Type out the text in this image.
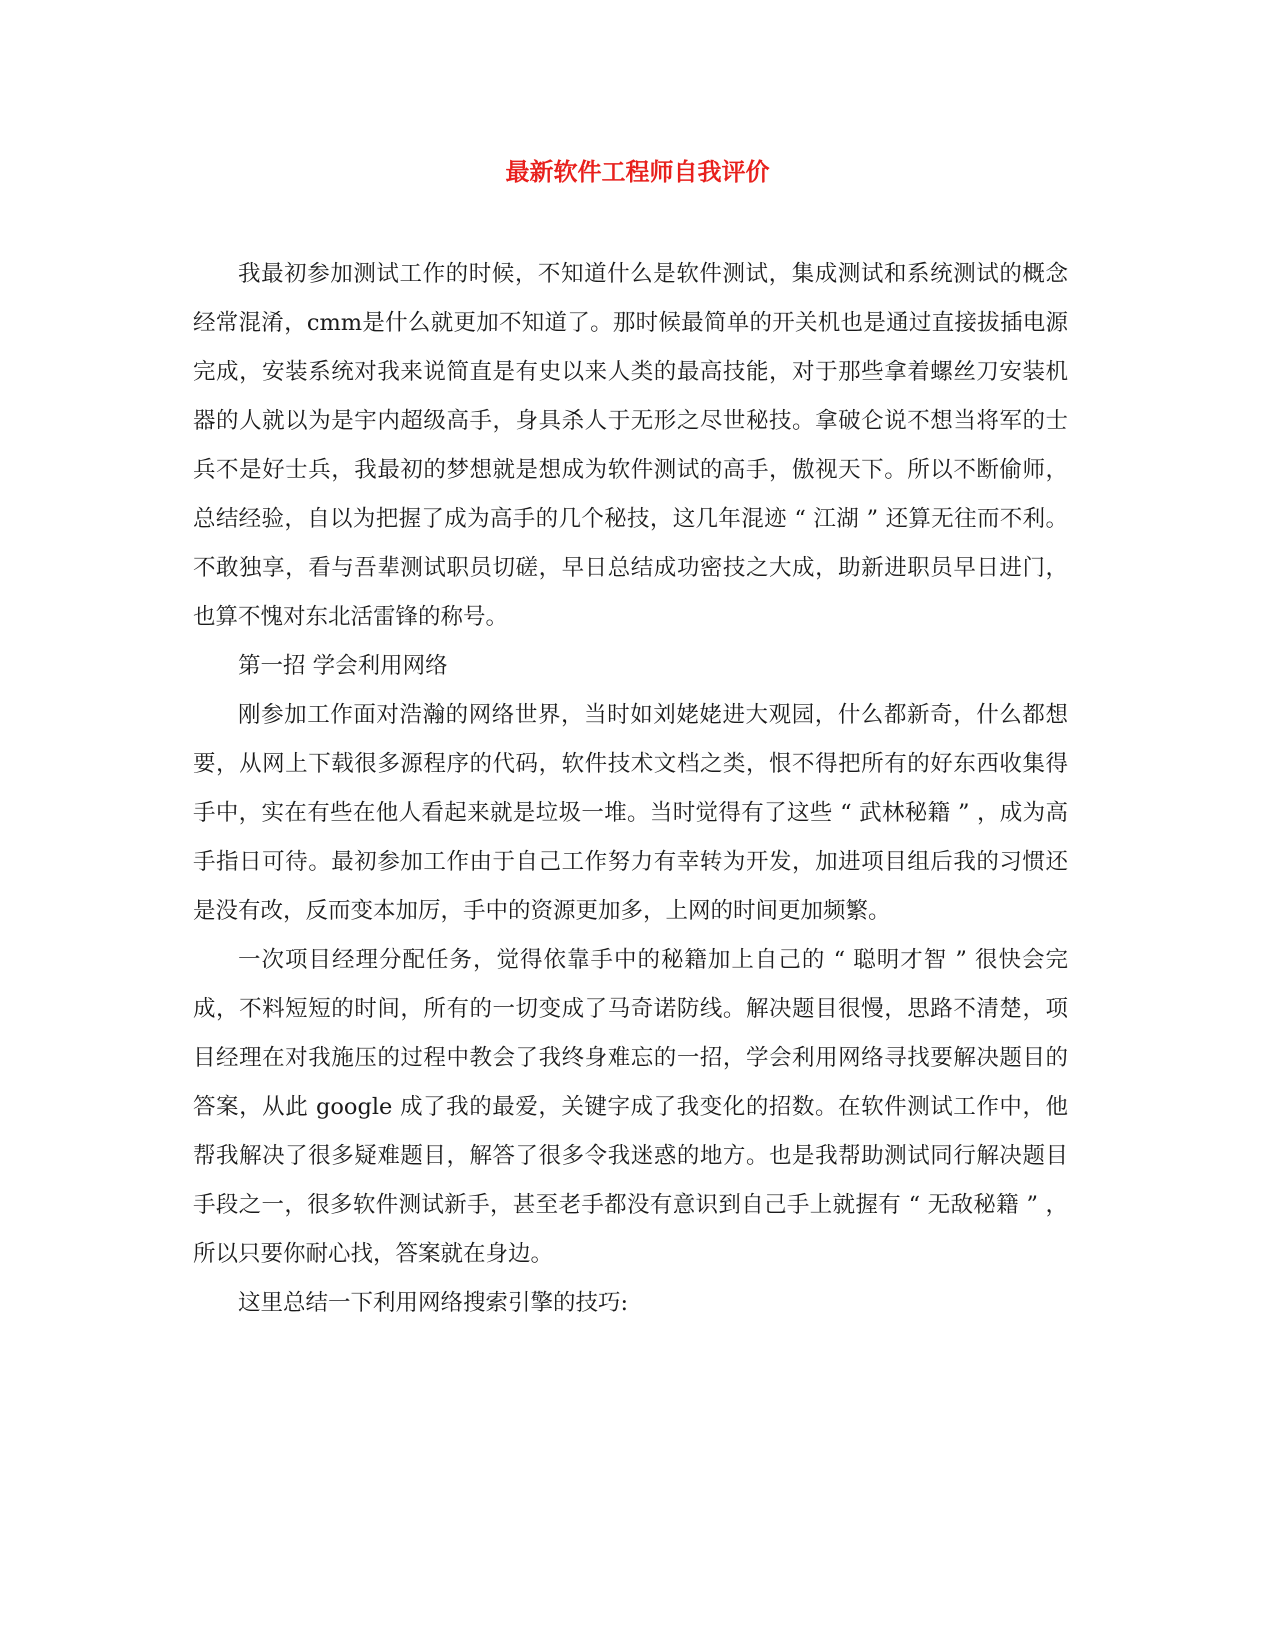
最新软件工程师自我评价

我最初参加测试工作的时候，不知道什么是软件测试，集成测试和系统测试的概念经常混淆，cmm是什么就更加不知道了。那时候最简单的开关机也是通过直接拔插电源完成，安装系统对我来说简直是有史以来人类的最高技能，对于那些拿着螺丝刀安装机器的人就以为是宇内超级高手，身具杀人于无形之尽世秘技。拿破仑说不想当将军的士兵不是好士兵，我最初的梦想就是想成为软件测试的高手，傲视天下。所以不断偷师，总结经验，自以为把握了成为高手的几个秘技，这几年混迹 “ 江湖 ” 还算无往而不利。不敢独享，看与吾辈测试职员切磋，早日总结成功密技之大成，助新进职员早日进门，也算不愧对东北活雷锋的称号。

第一招 学会利用网络

刚参加工作面对浩瀚的网络世界，当时如刘姥姥进大观园，什么都新奇，什么都想要，从网上下载很多源程序的代码，软件技术文档之类，恨不得把所有的好东西收集得手中，实在有些在他人看起来就是垃圾一堆。当时觉得有了这些 “ 武林秘籍 ” ，成为高手指日可待。最初参加工作由于自己工作努力有幸转为开发，加进项目组后我的习惯还是没有改，反而变本加厉，手中的资源更加多，上网的时间更加频繁。

一次项目经理分配任务，觉得依靠手中的秘籍加上自己的 “ 聪明才智 ” 很快会完成，不料短短的时间，所有的一切变成了马奇诺防线。解决题目很慢，思路不清楚，项目经理在对我施压的过程中教会了我终身难忘的一招，学会利用网络寻找要解决题目的答案，从此 google 成了我的最爱，关键字成了我变化的招数。在软件测试工作中，他帮我解决了很多疑难题目，解答了很多令我迷惑的地方。也是我帮助测试同行解决题目手段之一，很多软件测试新手，甚至老手都没有意识到自己手上就握有 “ 无敌秘籍 ” ，所以只要你耐心找，答案就在身边。

这里总结一下利用网络搜索引擎的技巧:
